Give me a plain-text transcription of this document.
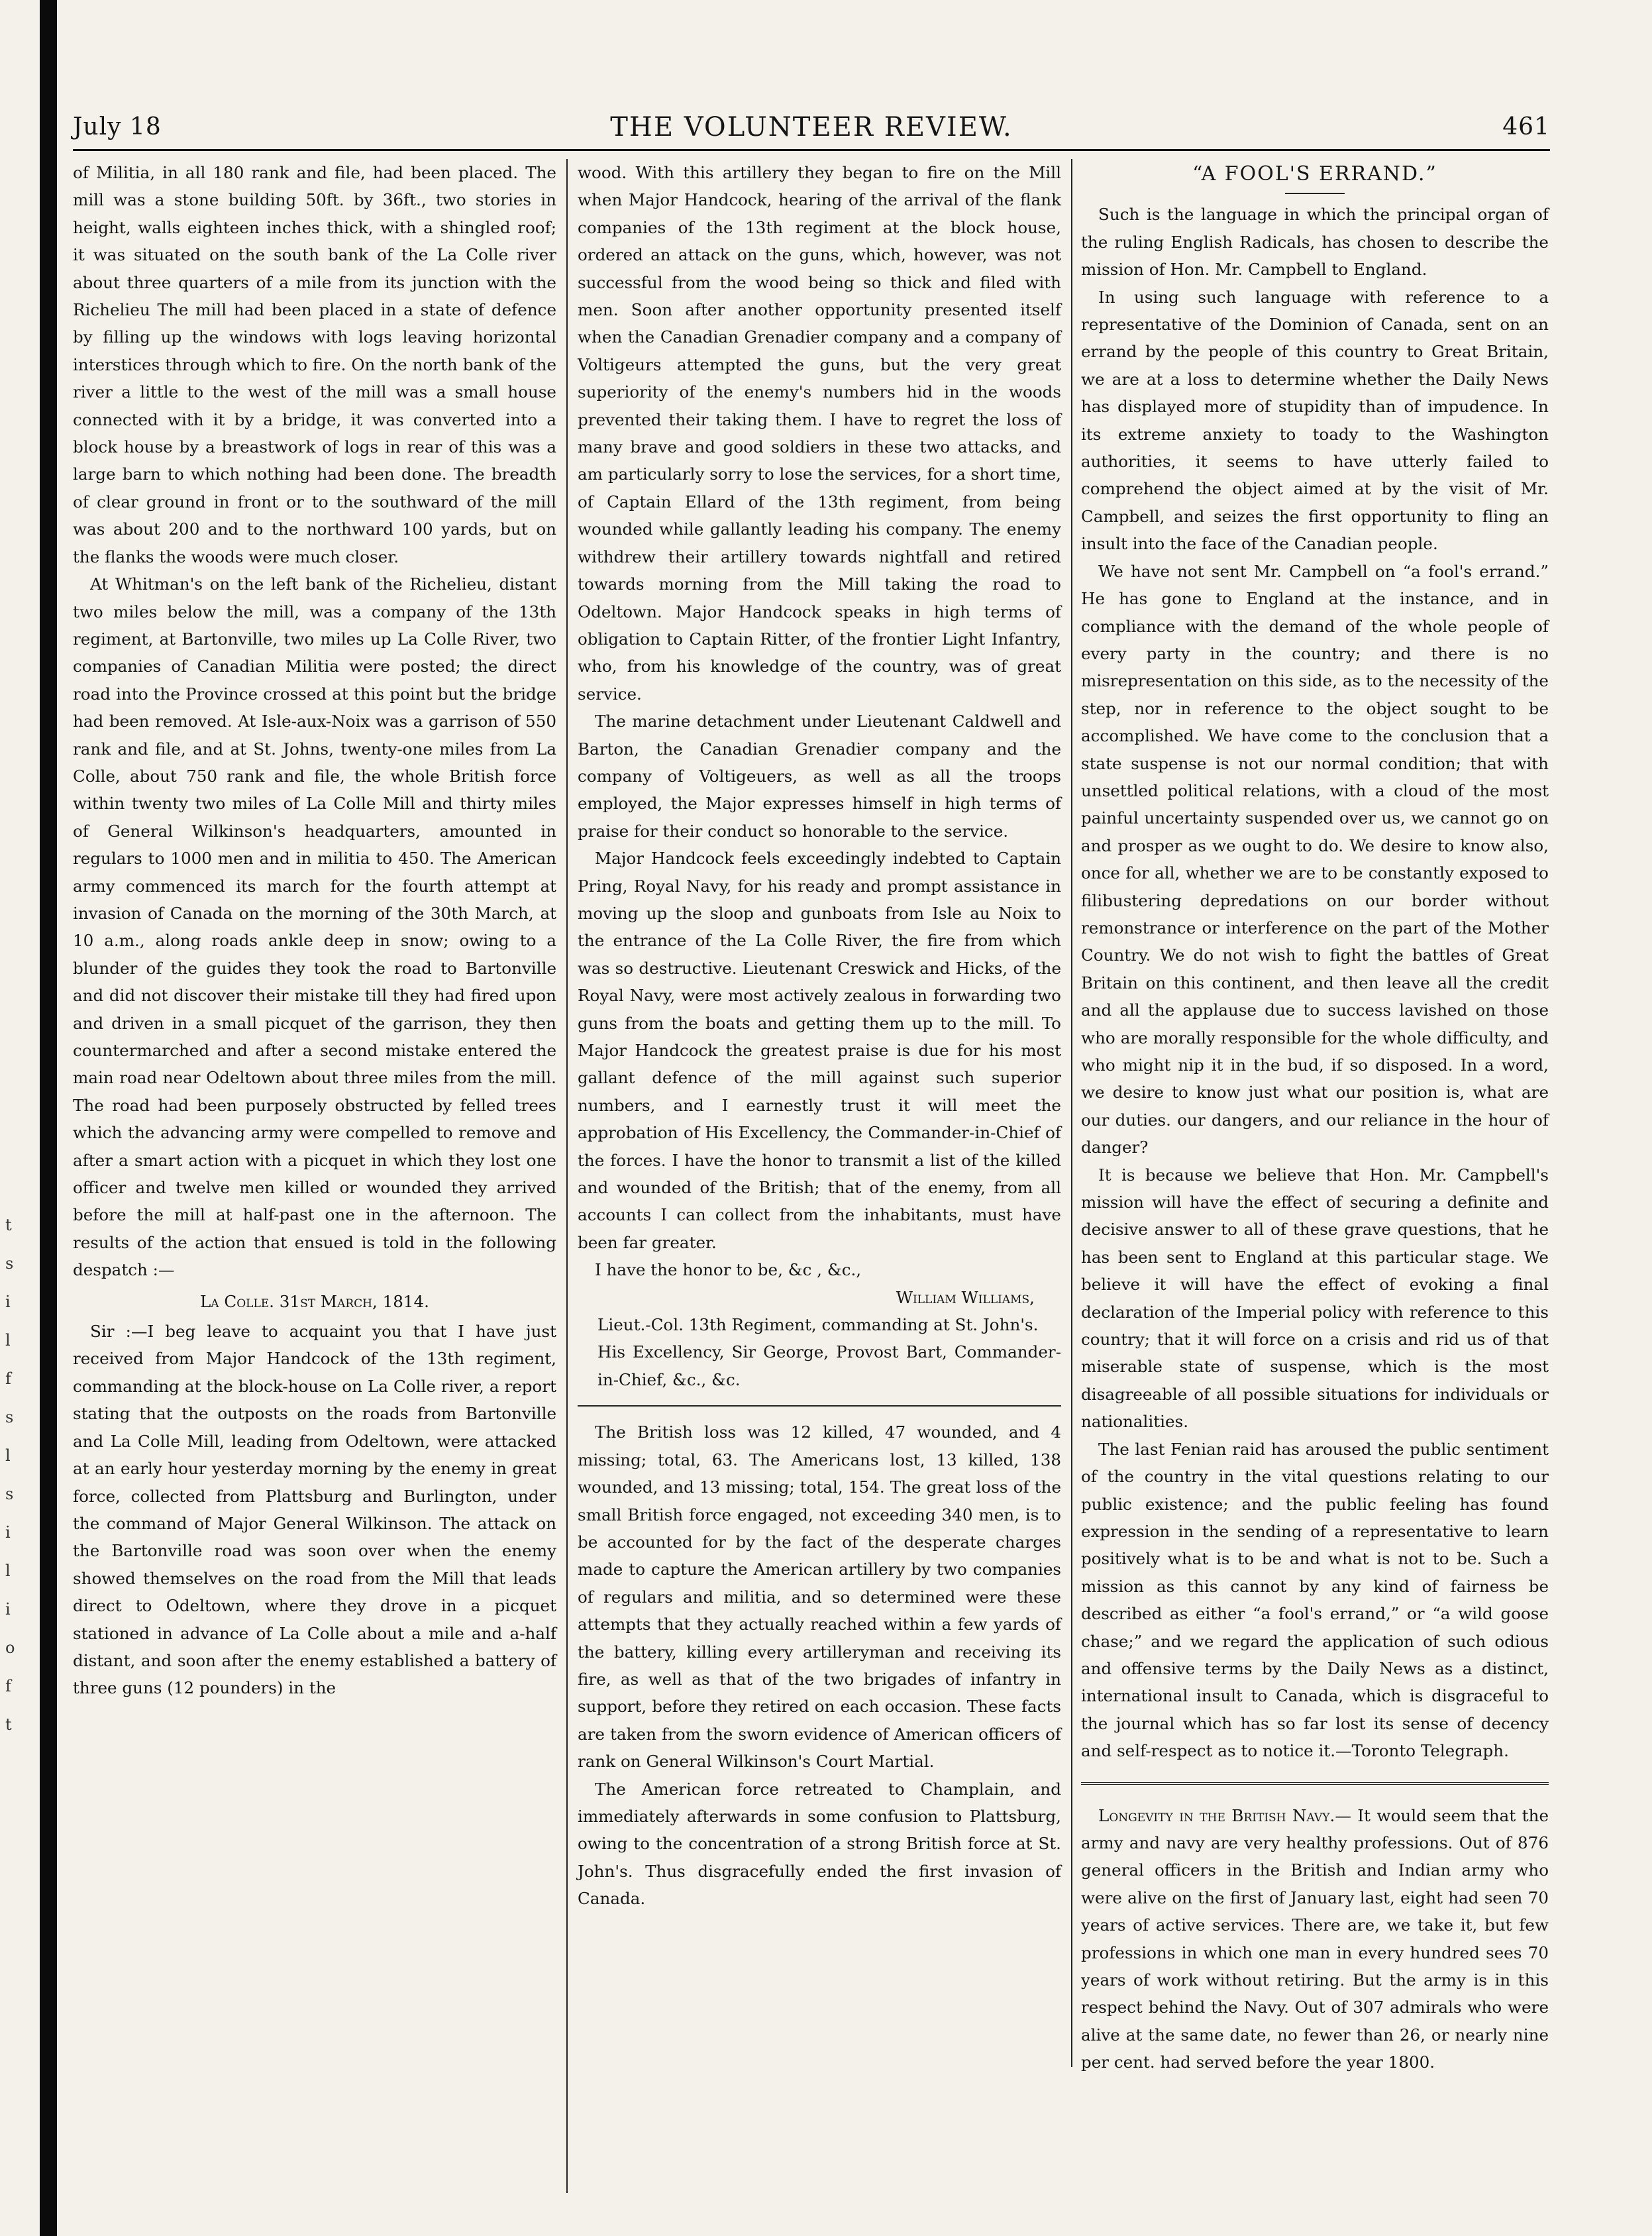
t
s
i
l
f
s
l
s
i
l
i
o
f
t
July 18	THE VOLUNTEER REVIEW.	461

of Militia, in all 180 rank and file, had been placed. The mill was a stone building 50ft. by 36ft., two stories in height, walls eighteen inches thick, with a shingled roof; it was situated on the south bank of the La Colle river about three quarters of a mile from its junction with the Richelieu The mill had been placed in a state of defence by filling up the windows with logs leaving horizontal interstices through which to fire. On the north bank of the river a little to the west of the mill was a small house connected with it by a bridge, it was converted into a block house by a breastwork of logs in rear of this was a large barn to which nothing had been done. The breadth of clear ground in front or to the southward of the mill was about 200 and to the northward 100 yards, but on the flanks the woods were much closer.

At Whitman's on the left bank of the Richelieu, distant two miles below the mill, was a company of the 13th regiment, at Bartonville, two miles up La Colle River, two companies of Canadian Militia were posted; the direct road into the Province crossed at this point but the bridge had been removed. At Isle-aux-Noix was a garrison of 550 rank and file, and at St. Johns, twenty-one miles from La Colle, about 750 rank and file, the whole British force within twenty two miles of La Colle Mill and thirty miles of General Wilkinson's headquarters, amounted in regulars to 1000 men and in militia to 450. The American army commenced its march for the fourth attempt at invasion of Canada on the morning of the 30th March, at 10 a.m., along roads ankle deep in snow; owing to a blunder of the guides they took the road to Bartonville and did not discover their mistake till they had fired upon and driven in a small picquet of the garrison, they then countermarched and after a second mistake entered the main road near Odeltown about three miles from the mill. The road had been purposely obstructed by felled trees which the advancing army were compelled to remove and after a smart action with a picquet in which they lost one officer and twelve men killed or wounded they arrived before the mill at half-past one in the afternoon. The results of the action that ensued is told in the following despatch :—

La Colle. 31st March, 1814.

Sir :—I beg leave to acquaint you that I have just received from Major Handcock of the 13th regiment, commanding at the block-house on La Colle river, a report stating that the outposts on the roads from Bartonville and La Colle Mill, leading from Odeltown, were attacked at an early hour yesterday morning by the enemy in great force, collected from Plattsburg and Burlington, under the command of Major General Wilkinson. The attack on the Bartonville road was soon over when the enemy showed themselves on the road from the Mill that leads direct to Odeltown, where they drove in a picquet stationed in advance of La Colle about a mile and a-half distant, and soon after the enemy established a battery of three guns (12 pounders) in the

wood. With this artillery they began to fire on the Mill when Major Handcock, hearing of the arrival of the flank companies of the 13th regiment at the block house, ordered an attack on the guns, which, however, was not successful from the wood being so thick and filed with men. Soon after another opportunity presented itself when the Canadian Grenadier company and a company of Voltigeurs attempted the guns, but the very great superiority of the enemy's numbers hid in the woods prevented their taking them. I have to regret the loss of many brave and good soldiers in these two attacks, and am particularly sorry to lose the services, for a short time, of Captain Ellard of the 13th regiment, from being wounded while gallantly leading his company. The enemy withdrew their artillery towards nightfall and retired towards morning from the Mill taking the road to Odeltown. Major Handcock speaks in high terms of obligation to Captain Ritter, of the frontier Light Infantry, who, from his knowledge of the country, was of great service.

The marine detachment under Lieutenant Caldwell and Barton, the Canadian Grenadier company and the company of Voltigeuers, as well as all the troops employed, the Major expresses himself in high terms of praise for their conduct so honorable to the service.

Major Handcock feels exceedingly indebted to Captain Pring, Royal Navy, for his ready and prompt assistance in moving up the sloop and gunboats from Isle au Noix to the entrance of the La Colle River, the fire from which was so destructive. Lieutenant Creswick and Hicks, of the Royal Navy, were most actively zealous in forwarding two guns from the boats and getting them up to the mill. To Major Handcock the greatest praise is due for his most gallant defence of the mill against such superior numbers, and I earnestly trust it will meet the approbation of His Excellency, the Commander-in-Chief of the forces. I have the honor to transmit a list of the killed and wounded of the British; that of the enemy, from all accounts I can collect from the inhabitants, must have been far greater.

I have the honor to be, &c , &c.,

William Williams,

Lieut.-Col. 13th Regiment, commanding at St. John's.

His Excellency, Sir George, Provost Bart, Commander-in-Chief, &c., &c.

The British loss was 12 killed, 47 wounded, and 4 missing; total, 63. The Americans lost, 13 killed, 138 wounded, and 13 missing; total, 154. The great loss of the small British force engaged, not exceeding 340 men, is to be accounted for by the fact of the desperate charges made to capture the American artillery by two companies of regulars and militia, and so determined were these attempts that they actually reached within a few yards of the battery, killing every artilleryman and receiving its fire, as well as that of the two brigades of infantry in support, before they retired on each occasion. These facts are taken from the sworn evidence of American officers of rank on General Wilkinson's Court Martial.

The American force retreated to Champlain, and immediately afterwards in some confusion to Plattsburg, owing to the concentration of a strong British force at St. John's. Thus disgracefully ended the first invasion of Canada.

“A FOOL'S ERRAND.”

Such is the language in which the principal organ of the ruling English Radicals, has chosen to describe the mission of Hon. Mr. Campbell to England.

In using such language with reference to a representative of the Dominion of Canada, sent on an errand by the people of this country to Great Britain, we are at a loss to determine whether the Daily News has displayed more of stupidity than of impudence. In its extreme anxiety to toady to the Washington authorities, it seems to have utterly failed to comprehend the object aimed at by the visit of Mr. Campbell, and seizes the first opportunity to fling an insult into the face of the Canadian people.

We have not sent Mr. Campbell on “a fool's errand.” He has gone to England at the instance, and in compliance with the demand of the whole people of every party in the country; and there is no misrepresentation on this side, as to the necessity of the step, nor in reference to the object sought to be accomplished. We have come to the conclusion that a state suspense is not our normal condition; that with unsettled political relations, with a cloud of the most painful uncertainty suspended over us, we cannot go on and prosper as we ought to do. We desire to know also, once for all, whether we are to be constantly exposed to filibustering depredations on our border without remonstrance or interference on the part of the Mother Country. We do not wish to fight the battles of Great Britain on this continent, and then leave all the credit and all the applause due to success lavished on those who are morally responsible for the whole difficulty, and who might nip it in the bud, if so disposed. In a word, we desire to know just what our position is, what are our duties. our dangers, and our reliance in the hour of danger?

It is because we believe that Hon. Mr. Campbell's mission will have the effect of securing a definite and decisive answer to all of these grave questions, that he has been sent to England at this particular stage. We believe it will have the effect of evoking a final declaration of the Imperial policy with reference to this country; that it will force on a crisis and rid us of that miserable state of suspense, which is the most disagreeable of all possible situations for individuals or nationalities.

The last Fenian raid has aroused the public sentiment of the country in the vital questions relating to our public existence; and the public feeling has found expression in the sending of a representative to learn positively what is to be and what is not to be. Such a mission as this cannot by any kind of fairness be described as either “a fool's errand,” or “a wild goose chase;” and we regard the application of such odious and offensive terms by the Daily News as a distinct, international insult to Canada, which is disgraceful to the journal which has so far lost its sense of decency and self-respect as to notice it.—Toronto Telegraph.

Longevity in the British Navy.— It would seem that the army and navy are very healthy professions. Out of 876 general officers in the British and Indian army who were alive on the first of January last, eight had seen 70 years of active services. There are, we take it, but few professions in which one man in every hundred sees 70 years of work without retiring. But the army is in this respect behind the Navy. Out of 307 admirals who were alive at the same date, no fewer than 26, or nearly nine per cent. had served before the year 1800.
